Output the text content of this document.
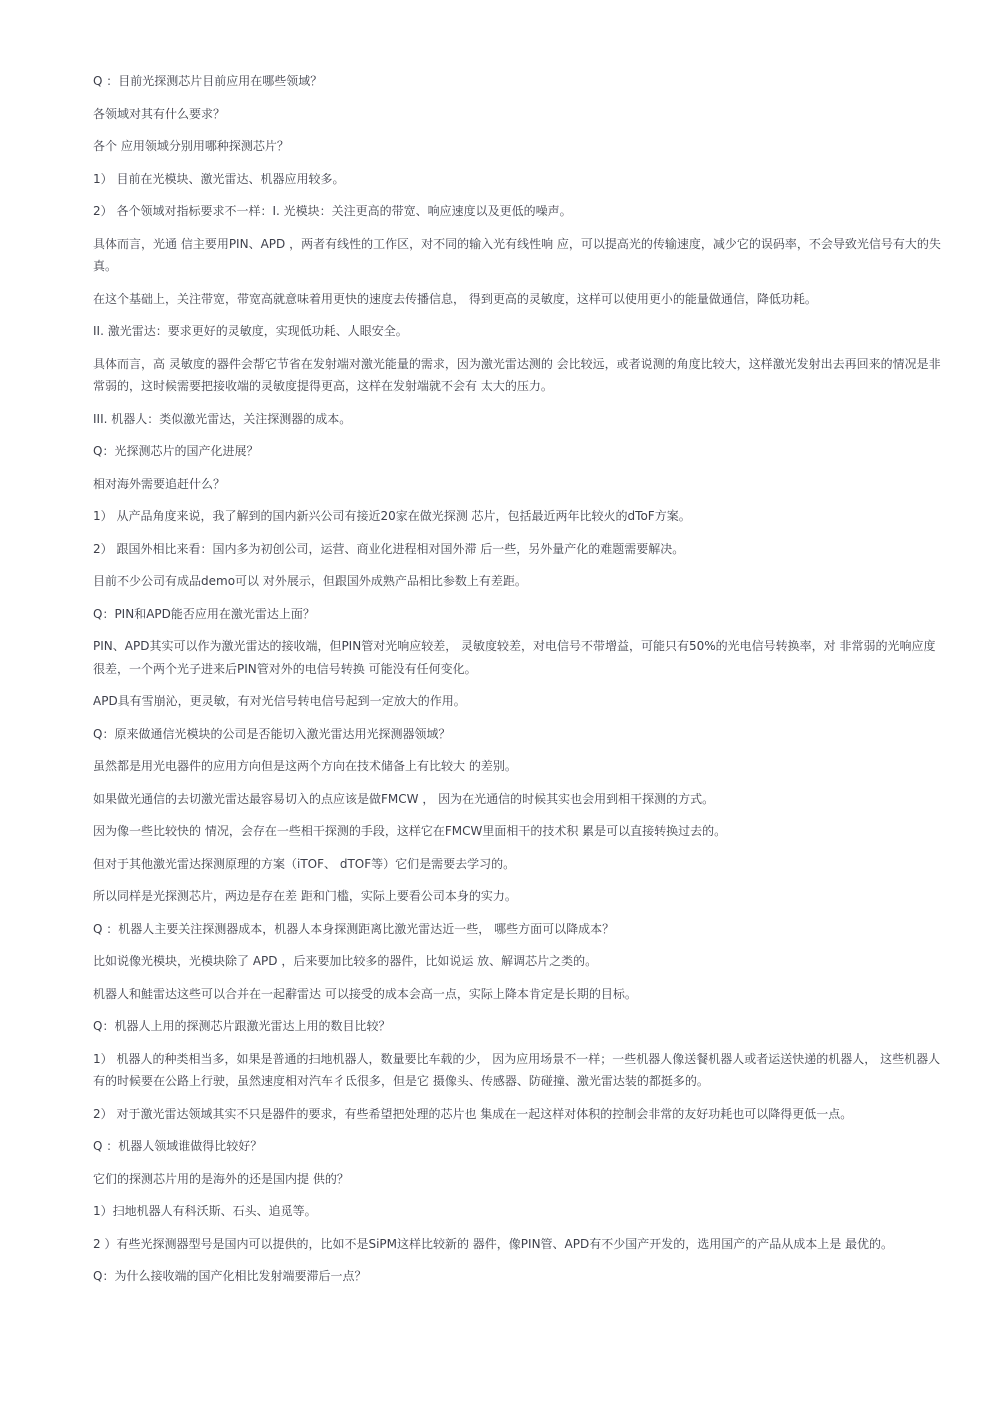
Q ：目前光探测芯片目前应用在哪些领域？

各领域对其有什么要求？

各个 应用领域分别用哪种探测芯片？

1） 目前在光模块、激光雷达、机器应用较多。

2） 各个领域对指标要求不一样：I. 光模块：关注更高的带宽、响应速度以及更低的噪声。

具体而言，光通 信主要用PIN、APD ，两者有线性的工作区，对不同的输入光有线性响 应，可以提高光的传输速度，减少它的误码率，不会导致光信号有大的失 真。

在这个基础上，关注带宽，带宽高就意味着用更快的速度去传播信息， 得到更高的灵敏度，这样可以使用更小的能量做通信，降低功耗。

II. 激光雷达：要求更好的灵敏度，实现低功耗、人眼安全。

具体而言，高 灵敏度的器件会帮它节省在发射端对激光能量的需求，因为激光雷达测的 会比较远，或者说测的角度比较大，这样激光发射出去再回来的情况是非 常弱的，这时候需要把接收端的灵敏度提得更高，这样在发射端就不会有 太大的压力。

III. 机器人：类似激光雷达，关注探测器的成本。

Q：光探测芯片的国产化进展？

相对海外需要追赶什么？

1） 从产品角度来说，我了解到的国内新兴公司有接近20家在做光探测 芯片，包括最近两年比较火的dToF方案。

2） 跟国外相比来看：国内多为初创公司，运营、商业化进程相对国外滞 后一些，另外量产化的难题需要解决。

目前不少公司有成品demo可以 对外展示，但跟国外成熟产品相比参数上有差距。

Q：PIN和APD能否应用在激光雷达上面？

PIN、APD其实可以作为激光雷达的接收端，但PIN管对光响应较差， 灵敏度较差，对电信号不带增益，可能只有50%的光电信号转换率，对 非常弱的光响应度很差，一个两个光子进来后PIN管对外的电信号转换 可能没有任何变化。

APD具有雪崩沁，更灵敏，有对光信号转电信号起到一定放大的作用。

Q：原来做通信光模块的公司是否能切入激光雷达用光探测器领域？

虽然都是用光电器件的应用方向但是这两个方向在技术储备上有比较大 的差别。

如果做光通信的去切激光雷达最容易切入的点应该是做FMCW ， 因为在光通信的时候其实也会用到相干探测的方式。

因为像一些比较快的 情况，会存在一些相干探测的手段，这样它在FMCW里面相干的技术积 累是可以直接转换过去的。

但对于其他激光雷达探测原理的方案（iTOF、 dTOF等）它们是需要去学习的。

所以同样是光探测芯片，两边是存在差 距和门槛，实际上要看公司本身的实力。

Q ：机器人主要关注探测器成本，机器人本身探测距离比激光雷达近一些， 哪些方面可以降成本？

比如说像光模块，光模块除了 APD ，后来要加比较多的器件，比如说运 放、解调芯片之类的。

机器人和鮭雷达这些可以合并在一起辭雷达 可以接受的成本会高一点，实际上降本肯定是长期的目标。

Q：机器人上用的探测芯片跟激光雷达上用的数目比较？

1） 机器人的种类相当多，如果是普通的扫地机器人，数量要比车载的少， 因为应用场景不一样；一些机器人像送餐机器人或者运送快递的机器人， 这些机器人有的时候要在公路上行驶，虽然速度相对汽车彳氐很多，但是它 摄像头、传感器、防碰撞、激光雷达装的都挺多的。

2） 对于激光雷达领域其实不只是器件的要求，有些希望把处理的芯片也 集成在一起这样对体积的控制会非常的友好功耗也可以降得更低一点。

Q ：机器人领域谁做得比较好？

它们的探测芯片用的是海外的还是国内提 供的？

1）扫地机器人有科沃斯、石头、追觅等。

2 ）有些光探测器型号是国内可以提供的，比如不是SiPM这样比较新的 器件，像PIN管、APD有不少国产开发的，选用国产的产品从成本上是 最优的。

Q：为什么接收端的国产化相比发射端要滞后一点？
